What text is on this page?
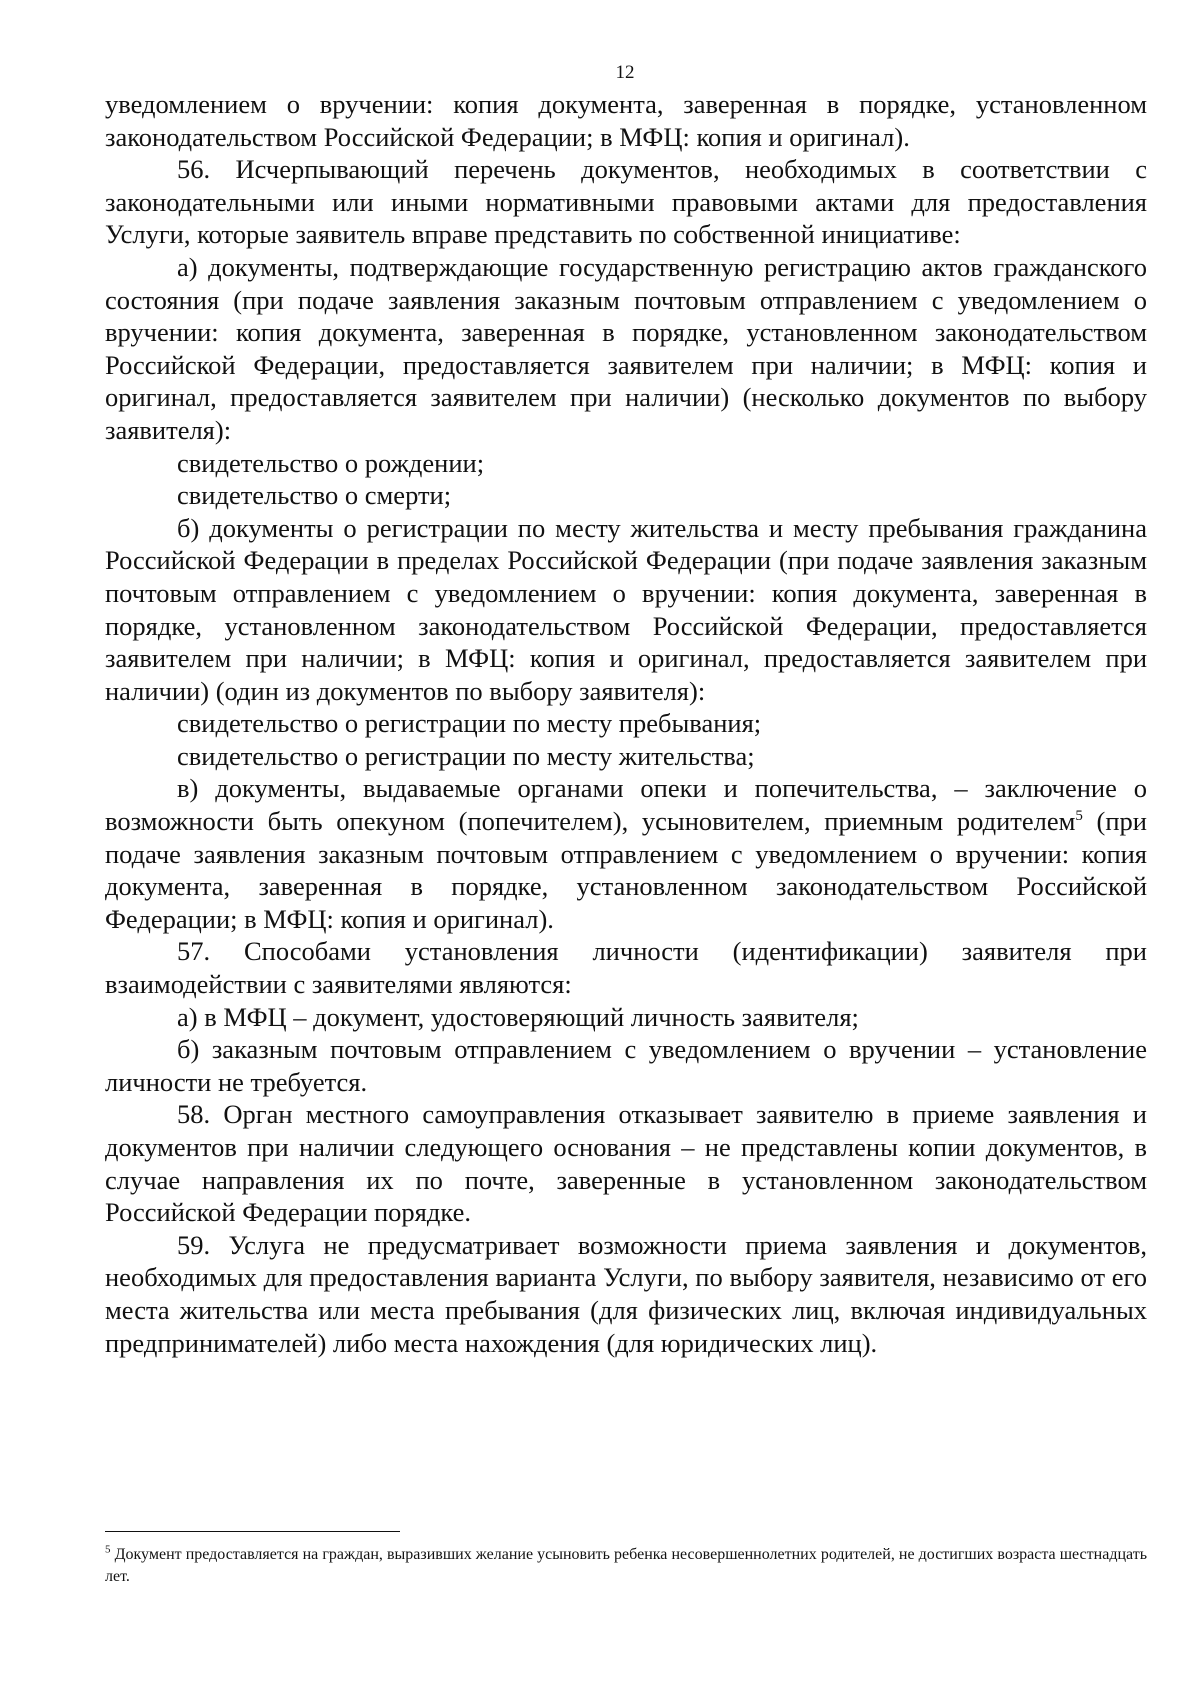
12

уведомлением о вручении: копия документа, заверенная в порядке, установленном законодательством Российской Федерации; в МФЦ: копия и оригинал).

56. Исчерпывающий перечень документов, необходимых в соответствии с законодательными или иными нормативными правовыми актами для предоставления Услуги, которые заявитель вправе представить по собственной инициативе:

а) документы, подтверждающие государственную регистрацию актов гражданского состояния (при подаче заявления заказным почтовым отправлением с уведомлением о вручении: копия документа, заверенная в порядке, установленном законодательством Российской Федерации, предоставляется заявителем при наличии; в МФЦ: копия и оригинал, предоставляется заявителем при наличии) (несколько документов по выбору заявителя):

свидетельство о рождении;

свидетельство о смерти;

б) документы о регистрации по месту жительства и месту пребывания гражданина Российской Федерации в пределах Российской Федерации (при подаче заявления заказным почтовым отправлением с уведомлением о вручении: копия документа, заверенная в порядке, установленном законодательством Российской Федерации, предоставляется заявителем при наличии; в МФЦ: копия и оригинал, предоставляется заявителем при наличии) (один из документов по выбору заявителя):

свидетельство о регистрации по месту пребывания;

свидетельство о регистрации по месту жительства;

в) документы, выдаваемые органами опеки и попечительства, – заключение о возможности быть опекуном (попечителем), усыновителем, приемным родителем$^5$ (при подаче заявления заказным почтовым отправлением с уведомлением о вручении: копия документа, заверенная в порядке, установленном законодательством Российской Федерации; в МФЦ: копия и оригинал).

57. Способами установления личности (идентификации) заявителя при взаимодействии с заявителями являются:

а) в МФЦ – документ, удостоверяющий личность заявителя;

б) заказным почтовым отправлением с уведомлением о вручении – установление личности не требуется.

58. Орган местного самоуправления отказывает заявителю в приеме заявления и документов при наличии следующего основания – не представлены копии документов, в случае направления их по почте, заверенные в установленном законодательством Российской Федерации порядке.

59. Услуга не предусматривает возможности приема заявления и документов, необходимых для предоставления варианта Услуги, по выбору заявителя, независимо от его места жительства или места пребывания (для физических лиц, включая индивидуальных предпринимателей) либо места нахождения (для юридических лиц).

$^5$ Документ предоставляется на граждан, выразивших желание усыновить ребенка несовершеннолетних родителей, не достигших возраста шестнадцать лет.
